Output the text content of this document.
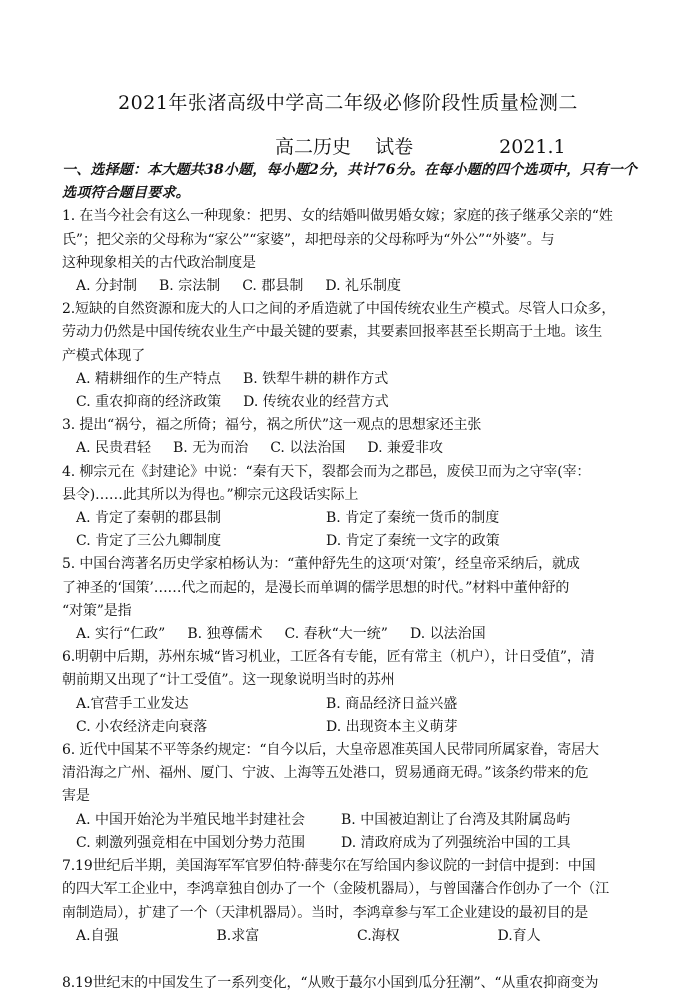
2021年张渚高级中学高二年级必修阶段性质量检测二
高二历史 试卷	2021.1

一、选择题：本大题共38小题，每小题2分，共计76分。在每小题的四个选项中，只有一个选项符合题目要求。

1. 在当今社会有这么一种现象：把男、女的结婚叫做男婚女嫁；家庭的孩子继承父亲的“姓

氏”；把父亲的父母称为“家公”“家婆”，却把母亲的父母称呼为“外公”“外婆”。与

这种现象相关的古代政治制度是

A. 分封制 B. 宗法制 C. 郡县制 D. 礼乐制度

2.短缺的自然资源和庞大的人口之间的矛盾造就了中国传统农业生产模式。尽管人口众多，

劳动力仍然是中国传统农业生产中最关键的要素，其要素回报率甚至长期高于土地。该生

产模式体现了

A. 精耕细作的生产特点 B. 铁犁牛耕的耕作方式
C. 重农抑商的经济政策 D. 传统农业的经营方式

3. 提出“祸兮，福之所倚；福兮，祸之所伏”这一观点的思想家还主张

A. 民贵君轻 B. 无为而治 C. 以法治国 D. 兼爱非攻

4. 柳宗元在《封建论》中说：“秦有天下，裂都会而为之郡邑，废侯卫而为之守宰(宰：

县令)……此其所以为得也。”柳宗元这段话实际上

A. 肯定了秦朝的郡县制	B. 肯定了秦统一货币的制度
C. 肯定了三公九卿制度	D. 肯定了秦统一文字的政策

5. 中国台湾著名历史学家柏杨认为：“董仲舒先生的这项‘对策’，经皇帝采纳后，就成

了神圣的‘国策’……代之而起的，是漫长而单调的儒学思想的时代。”材料中董仲舒的

“对策”是指

A. 实行“仁政” B. 独尊儒术 C. 春秋“大一统” D. 以法治国

6.明朝中后期，苏州东城“皆习机业，工匠各有专能，匠有常主（机户），计日受值”，清

朝前期又出现了“计工受值”。这一现象说明当时的苏州

A.官营手工业发达	B. 商品经济日益兴盛
C. 小农经济走向衰落	D. 出现资本主义萌芽

6. 近代中国某不平等条约规定：“自今以后，大皇帝恩准英国人民带同所属家眷，寄居大

清沿海之广州、福州、厦门、宁波、上海等五处港口，贸易通商无碍。”该条约带来的危

害是

A. 中国开始沦为半殖民地半封建社会	B. 中国被迫割让了台湾及其附属岛屿
C. 刺激列强竞相在中国划分势力范围	D. 清政府成为了列强统治中国的工具

7.19世纪后半期，美国海军军官罗伯特·薛斐尔在写给国内参议院的一封信中提到：中国

的四大军工企业中，李鸿章独自创办了一个（金陵机器局），与曾国藩合作创办了一个（江

南制造局），扩建了一个（天津机器局）。当时，李鸿章参与军工企业建设的最初目的是

A.自强	B.求富	C.海权	D.育人

8.19世纪末的中国发生了一系列变化，“从败于蕞尔小国到瓜分狂潮”、“从重农抑商变为
